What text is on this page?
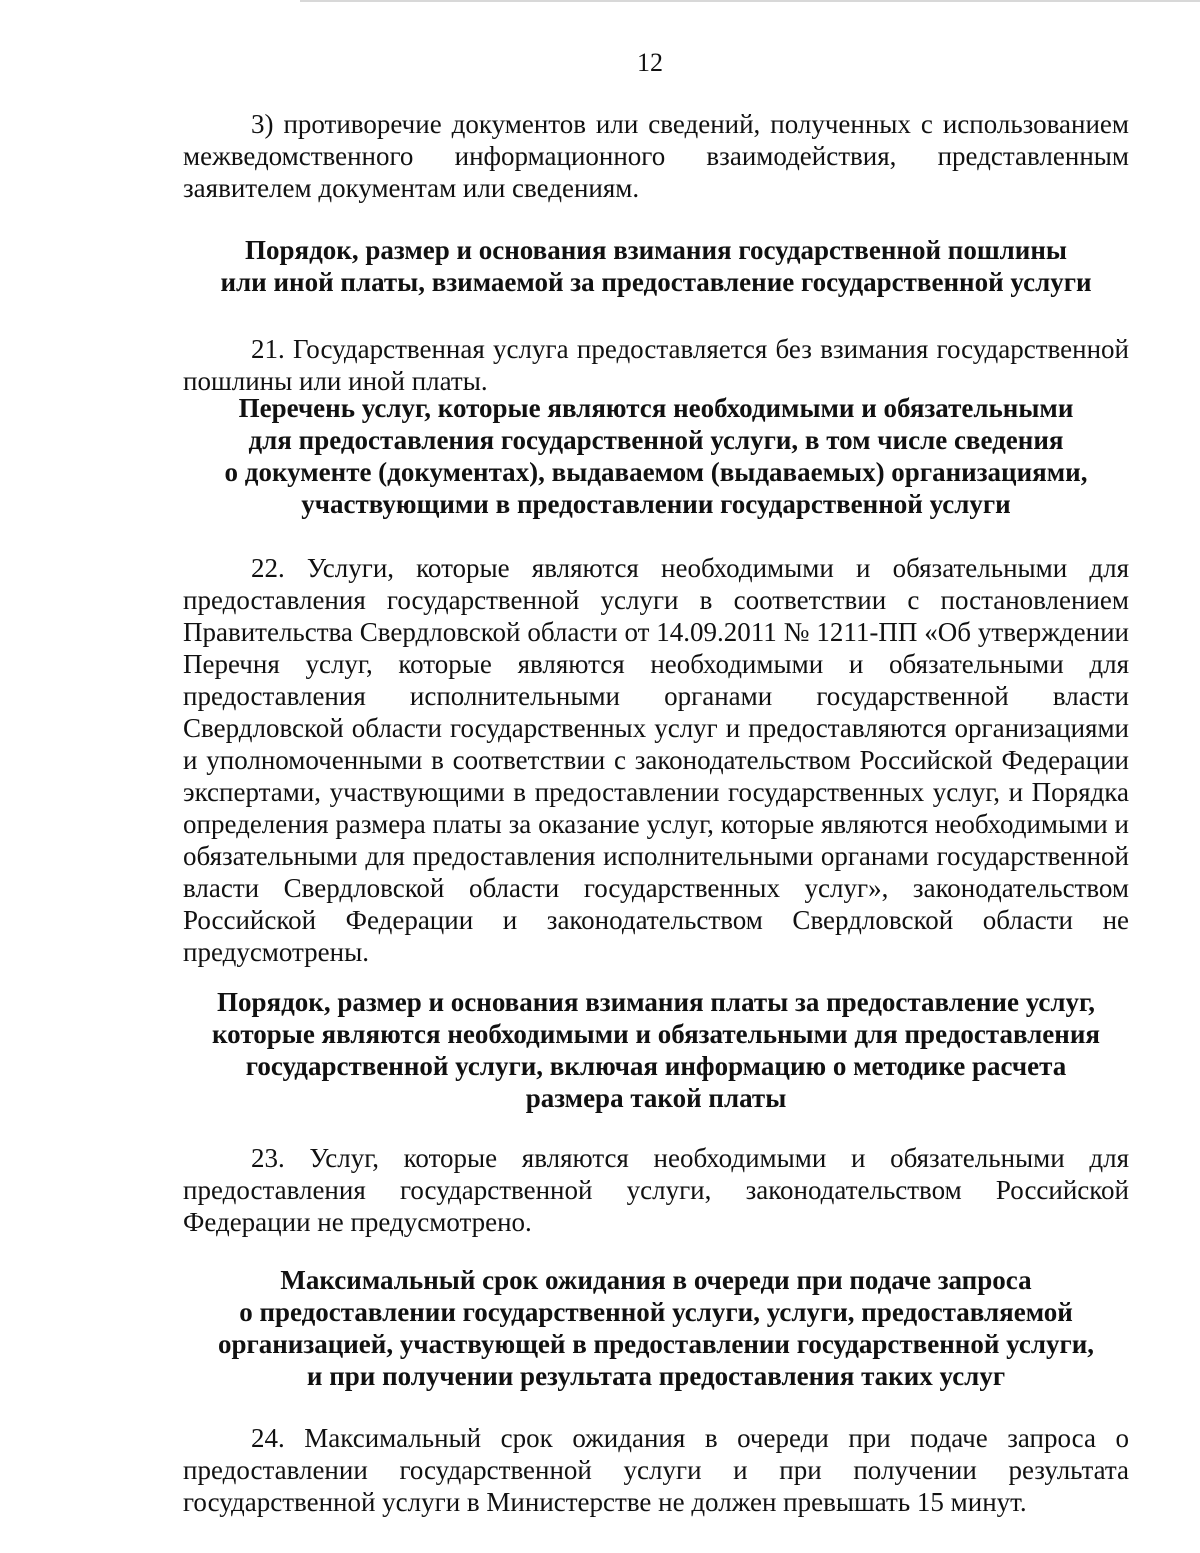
12

3) противоречие документов или сведений, полученных с использованием межведомственного информационного взаимодействия, представленным заявителем документам или сведениям.

Порядок, размер и основания взимания государственной пошлины
или иной платы, взимаемой за предоставление государственной услуги

21. Государственная услуга предоставляется без взимания государственной пошлины или иной платы.

Перечень услуг, которые являются необходимыми и обязательными
для предоставления государственной услуги, в том числе сведения
о документе (документах), выдаваемом (выдаваемых) организациями,
участвующими в предоставлении государственной услуги

22. Услуги, которые являются необходимыми и обязательными для предоставления государственной услуги в соответствии с постановлением Правительства Свердловской области от 14.09.2011 № 1211-ПП «Об утверждении Перечня услуг, которые являются необходимыми и обязательными для предоставления исполнительными органами государственной власти Свердловской области государственных услуг и предоставляются организациями и уполномоченными в соответствии с законодательством Российской Федерации экспертами, участвующими в предоставлении государственных услуг, и Порядка определения размера платы за оказание услуг, которые являются необходимыми и обязательными для предоставления исполнительными органами государственной власти Свердловской области государственных услуг», законодательством Российской Федерации и законодательством Свердловской области не предусмотрены.

Порядок, размер и основания взимания платы за предоставление услуг,
которые являются необходимыми и обязательными для предоставления
государственной услуги, включая информацию о методике расчета
размера такой платы

23. Услуг, которые являются необходимыми и обязательными для предоставления государственной услуги, законодательством Российской Федерации не предусмотрено.

Максимальный срок ожидания в очереди при подаче запроса
о предоставлении государственной услуги, услуги, предоставляемой
организацией, участвующей в предоставлении государственной услуги,
и при получении результата предоставления таких услуг

24. Максимальный срок ожидания в очереди при подаче запроса о предоставлении государственной услуги и при получении результата государственной услуги в Министерстве не должен превышать 15 минут.
